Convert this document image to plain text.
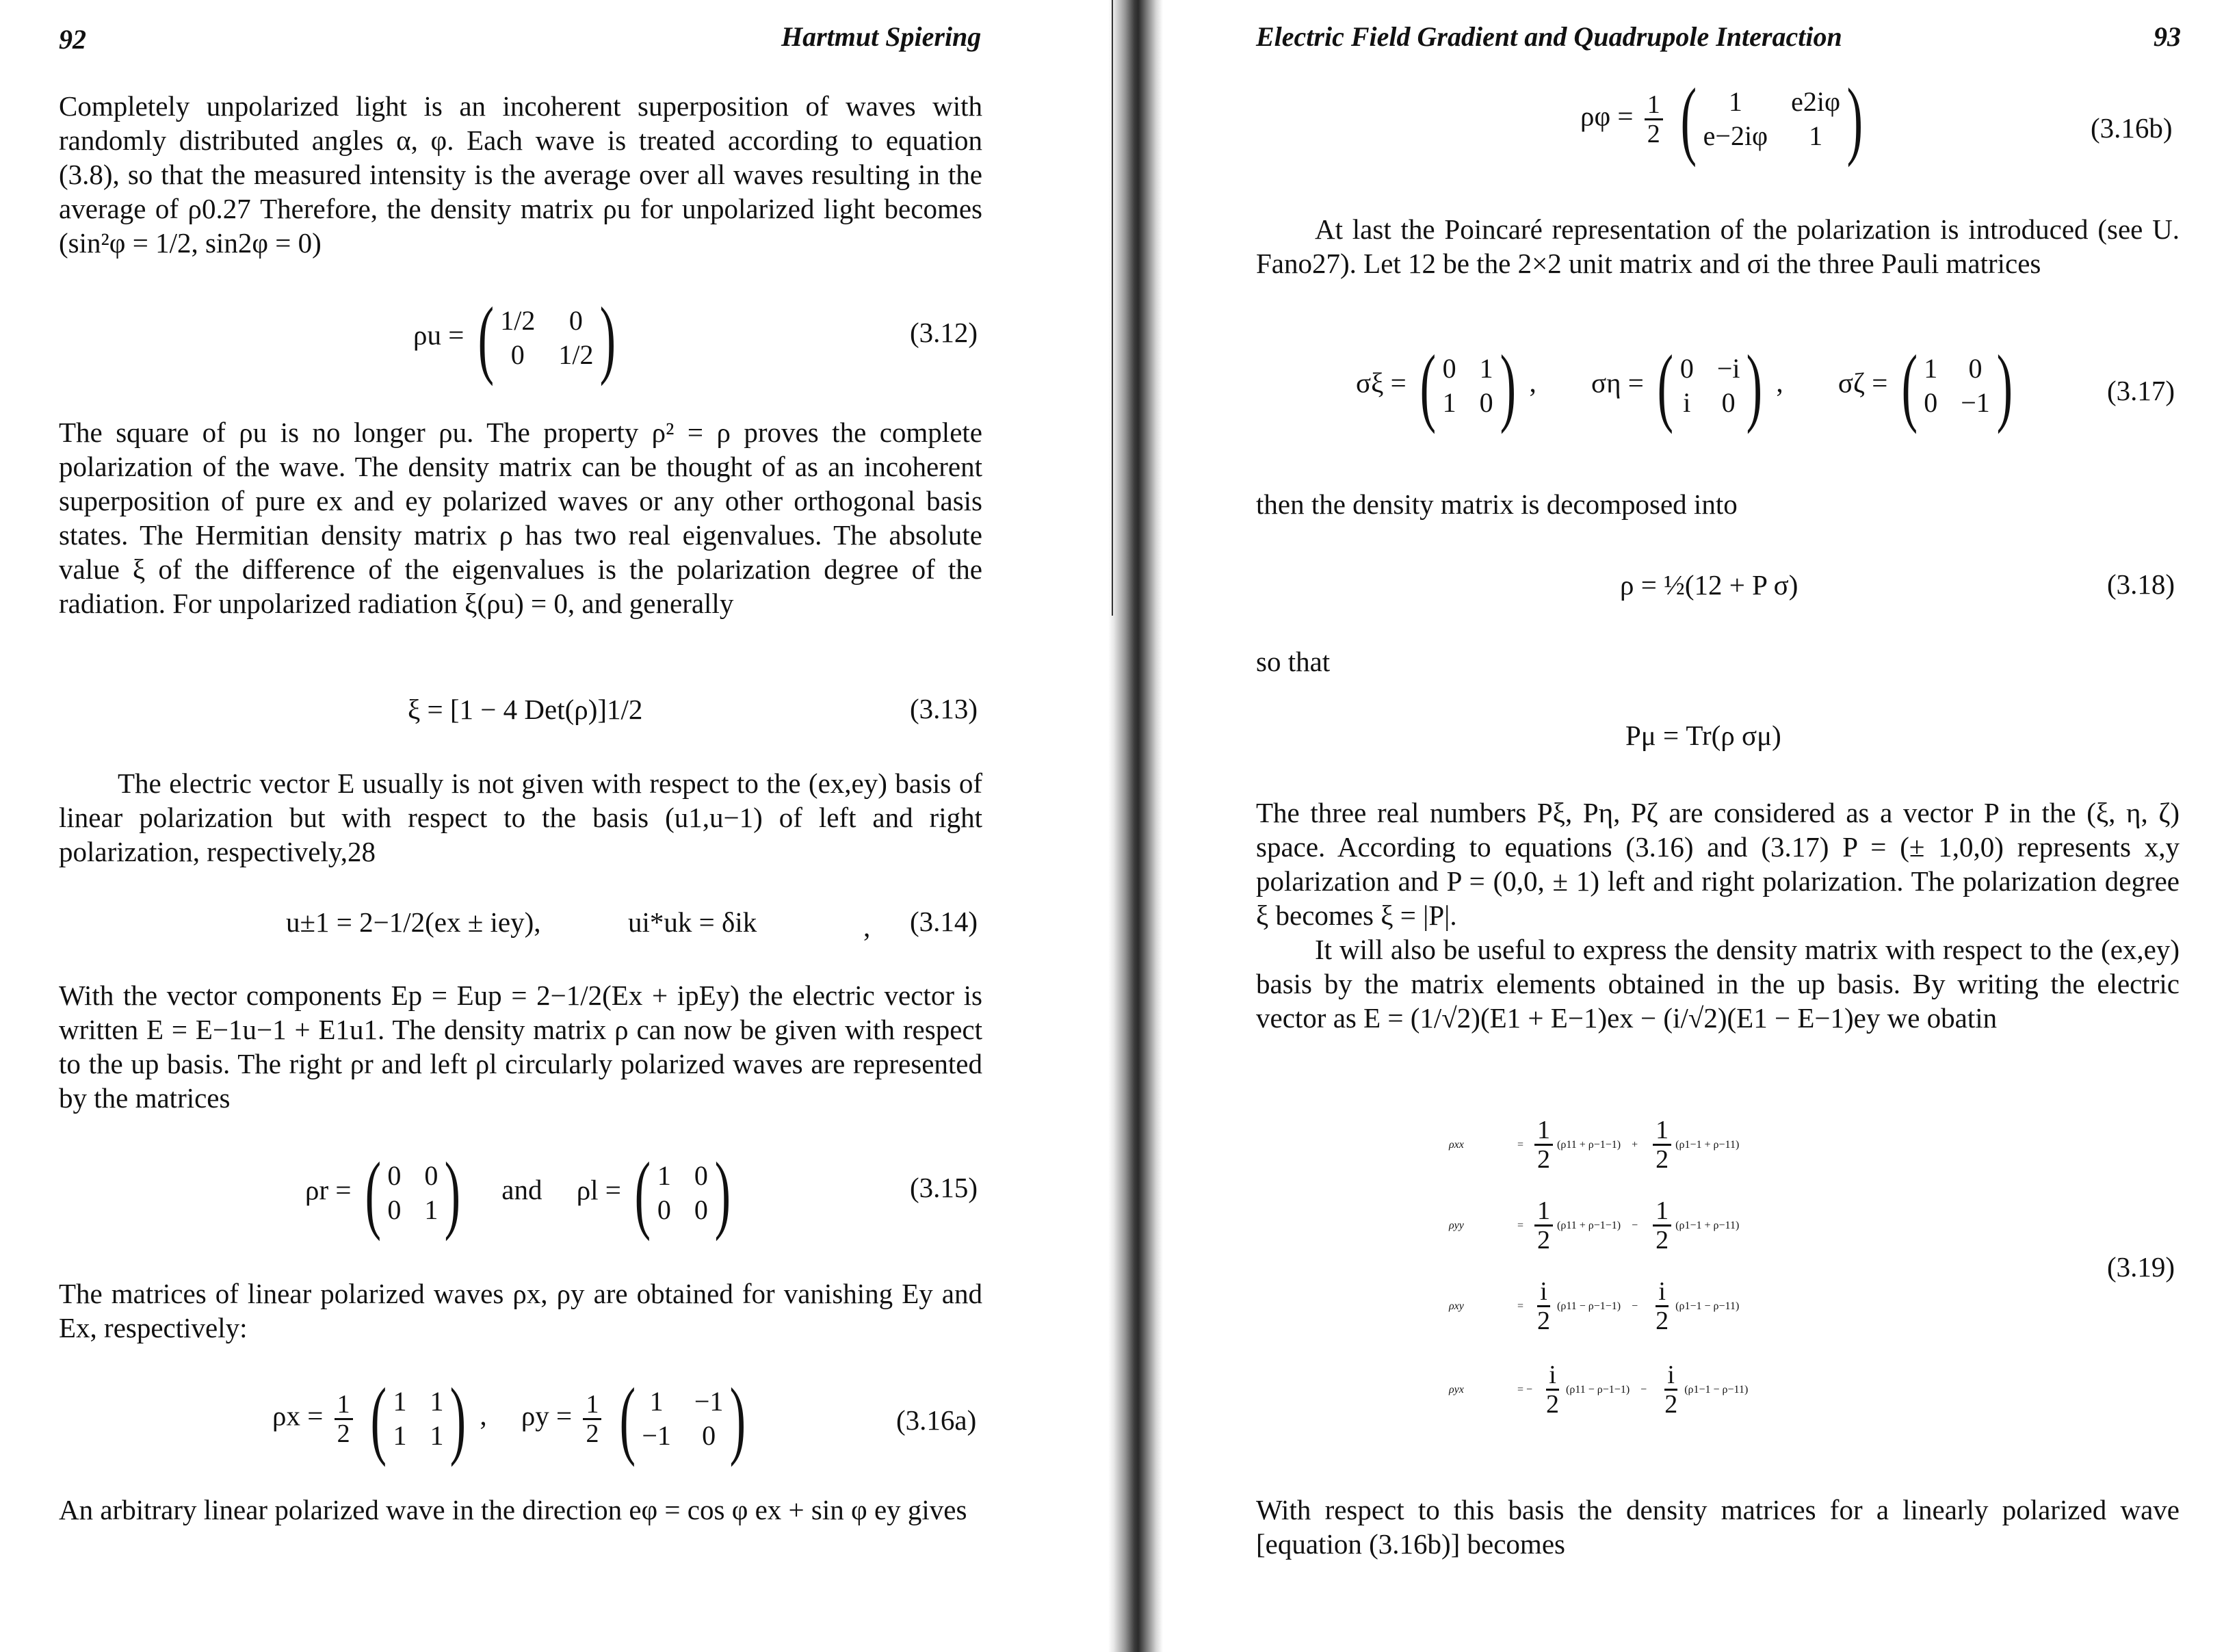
92	Hartmut Spiering
Completely unpolarized light is an incoherent superposition of waves with randomly distributed angles α, φ. Each wave is treated according to equation (3.8), so that the measured intensity is the average over all waves resulting in the average of ρ0.27 Therefore, the density matrix ρu for unpolarized light becomes (sin²φ = 1/2, sin2φ = 0)
ρu = ( 1/2	0
0	1/2 )	(3.12)
The square of ρu is no longer ρu. The property ρ² = ρ proves the complete polarization of the wave. The density matrix can be thought of as an incoherent superposition of pure ex and ey polarized waves or any other orthogonal basis states. The Hermitian density matrix ρ has two real eigenvalues. The absolute value ξ of the difference of the eigenvalues is the polarization degree of the radiation. For unpolarized radiation ξ(ρu) = 0, and generally
ξ = [1 − 4 Det(ρ)]1/2	(3.13)
The electric vector E usually is not given with respect to the (ex,ey) basis of linear polarization but with respect to the basis (u1,u−1) of left and right polarization, respectively,28
u±1 = 2−1/2(ex ± iey),	ui*uk = δik	, (3.14)
With the vector components Ep = Eup = 2−1/2(Ex + ipEy) the electric vector is written E = E−1u−1 + E1u1. The density matrix ρ can now be given with respect to the up basis. The right ρr and left ρl circularly polarized waves are represented by the matrices
ρr = ( 0 0
0 1 ) and ρl = ( 1 0
0 0 )	(3.15)
The matrices of linear polarized waves ρx, ρy are obtained for vanishing Ey and Ex, respectively:
$\rho x = \frac{1}{2}$
( 1 1
1 1 ) , $\rho y = \frac{1}{2}$
( 1 −1
−1 0 )	(3.16a)
An arbitrary linear polarized wave in the direction eφ = cos φ ex + sin φ ey gives
Electric Field Gradient and Quadrupole Interaction	93
$\rho\varphi = \frac{1}{2}$
(	1	e2iφ
e−2iφ	1 )	(3.16b)
At last the Poincaré representation of the polarization is introduced (see U. Fano27). Let 12 be the 2×2 unit matrix and σi the three Pauli matrices
σξ = ( 0 1
1 0 ) , ση = ( 0 −i
i 0 ) , σζ = ( 1 0
0 −1 )	(3.17)
then the density matrix is decomposed into
ρ = ½(12 + P σ)	(3.18)
so that
Pμ = Tr(ρ σμ)
The three real numbers Pξ, Pη, Pζ are considered as a vector P in the (ξ, η, ζ) space. According to equations (3.16) and (3.17) P = (± 1,0,0) represents x,y polarization and P = (0,0, ± 1) left and right polarization. The polarization degree ξ becomes ξ = |P|.
It will also be useful to express the density matrix with respect to the (ex,ey) basis by the matrix elements obtained in the up basis. By writing the electric vector as E = (1/√2)(E1 + E−1)ex − (i/√2)(E1 − E−1)ey we obatin
ρxx	= $\frac{1}{2} (\rho 11 + \rho-1-1) + \frac{1}{2} (\rho 1-1 + \rho-11)$
ρyy	= $\frac{1}{2} (\rho 11 + \rho-1-1) - \frac{1}{2} (\rho 1-1 + \rho-11)$
ρxy	= $\frac{i}{2} (\rho 11 - \rho-1-1) - \frac{i}{2} (\rho 1-1 - \rho-11)$
ρyx	= − $\frac{i}{2} (\rho 11 - \rho-1-1) - \frac{i}{2} (\rho 1-1 - \rho-11)$
(3.19)
With respect to this basis the density matrices for a linearly polarized wave [equation (3.16b)] becomes
